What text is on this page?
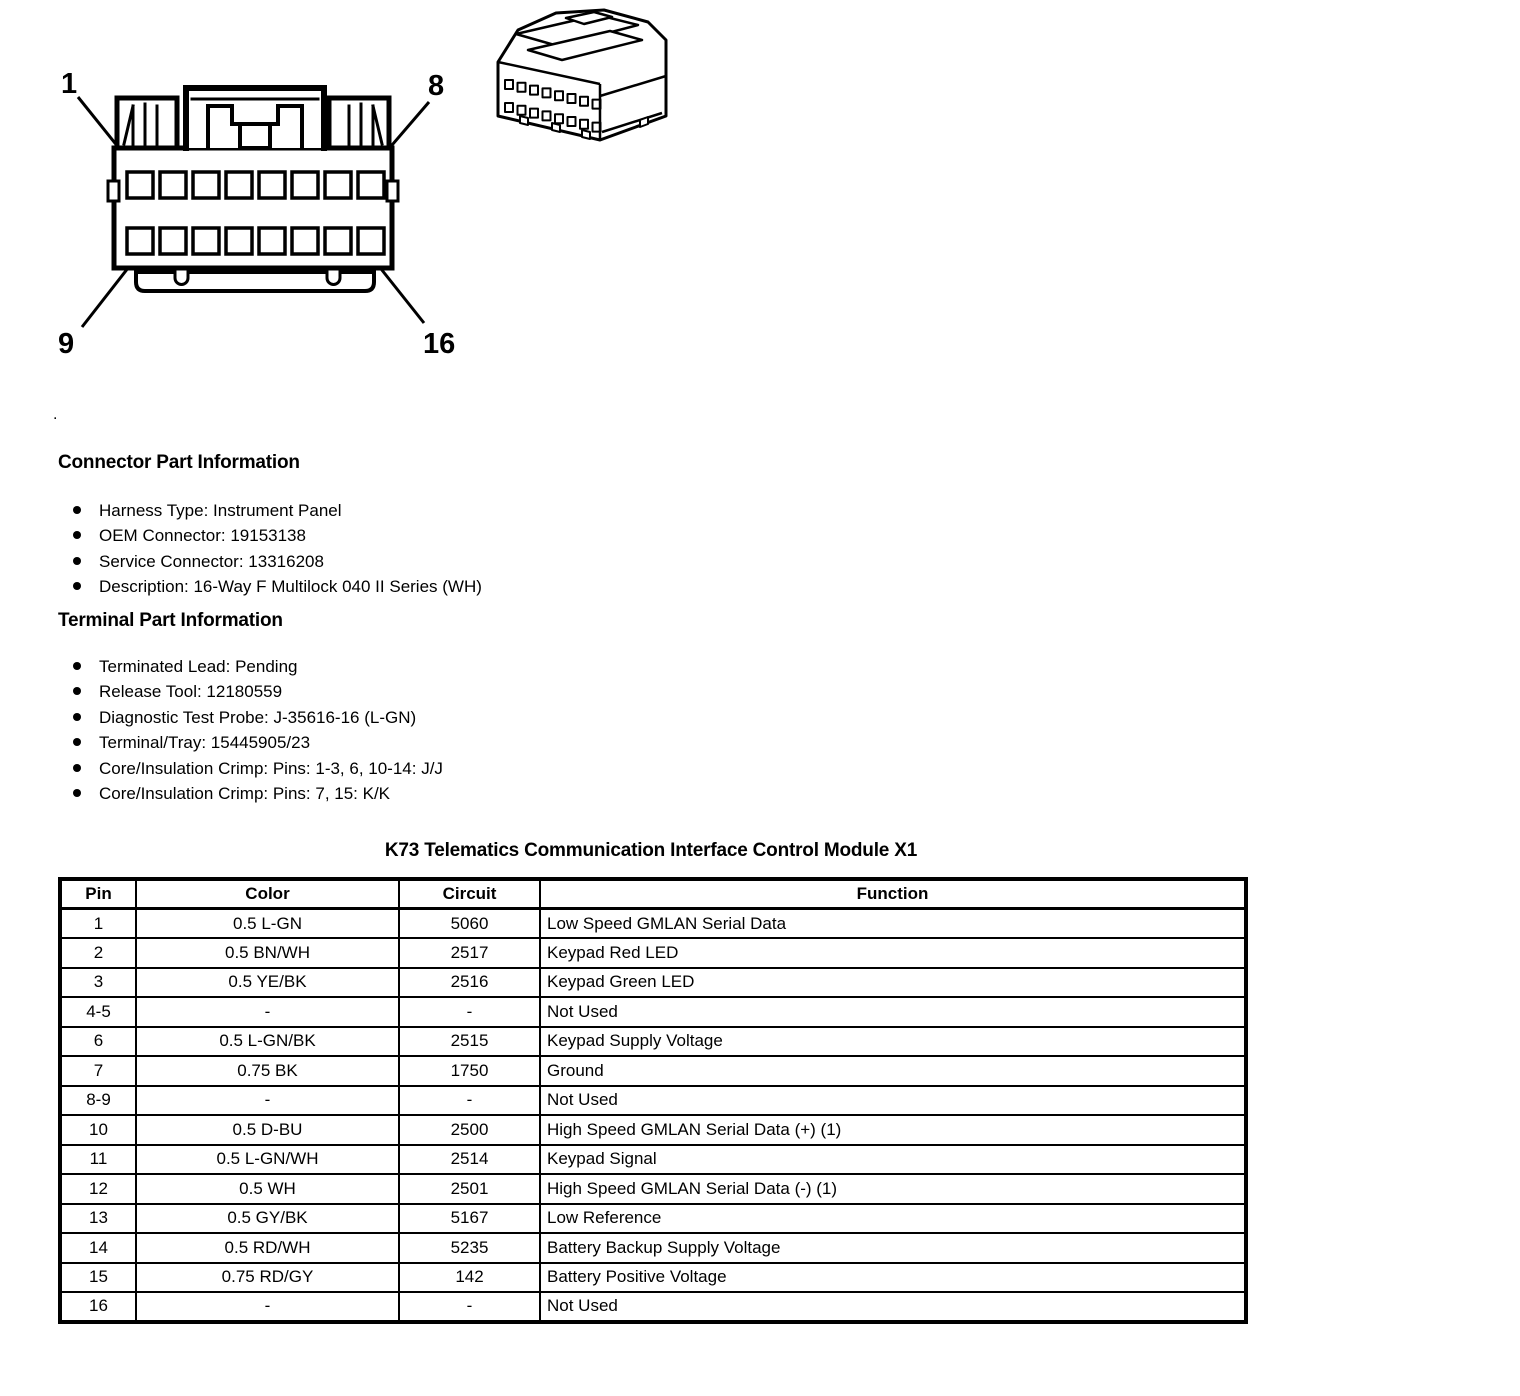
1	8
9	16
.
Connector Part Information
Harness Type: Instrument Panel
OEM Connector: 19153138
Service Connector: 13316208
Description: 16-Way F Multilock 040 II Series (WH)
Terminal Part Information
Terminated Lead: Pending
Release Tool: 12180559
Diagnostic Test Probe: J-35616-16 (L-GN)
Terminal/Tray: 15445905/23
Core/Insulation Crimp: Pins: 1-3, 6, 10-14: J/J
Core/Insulation Crimp: Pins: 7, 15: K/K
K73 Telematics Communication Interface Control Module X1
Pin	Color	Circuit	Function
1	0.5 L-GN	5060	Low Speed GMLAN Serial Data
2	0.5 BN/WH	2517	Keypad Red LED
3	0.5 YE/BK	2516	Keypad Green LED
4-5	-	-	Not Used
6	0.5 L-GN/BK	2515	Keypad Supply Voltage
7	0.75 BK	1750	Ground
8-9	-	-	Not Used
10	0.5 D-BU	2500	High Speed GMLAN Serial Data (+) (1)
11	0.5 L-GN/WH	2514	Keypad Signal
12	0.5 WH	2501	High Speed GMLAN Serial Data (-) (1)
13	0.5 GY/BK	5167	Low Reference
14	0.5 RD/WH	5235	Battery Backup Supply Voltage
15	0.75 RD/GY	142	Battery Positive Voltage
16	-	-	Not Used
